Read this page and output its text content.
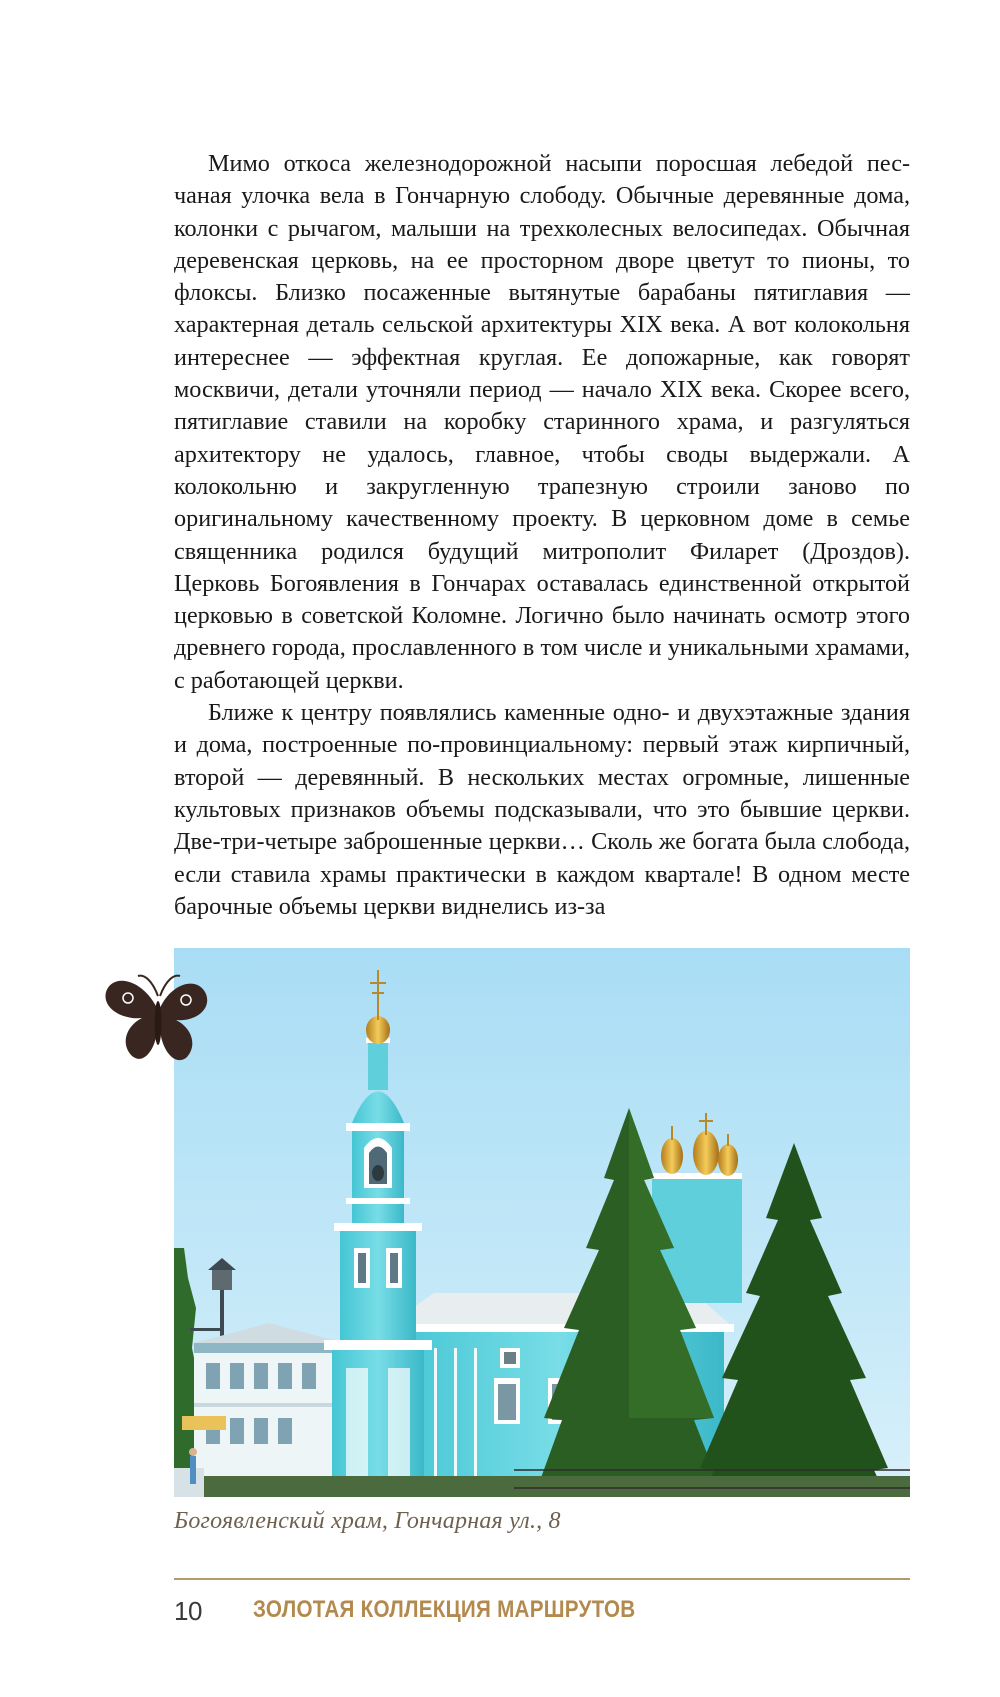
Мимо откоса железнодорожной насыпи поросшая лебедой песчаная улочка вела в Гончарную слободу. Обычные деревянные дома, колонки с рычагом, малыши на трехколесных велосипедах. Обычная деревенская церковь, на ее просторном дворе цветут то пионы, то флоксы. Близко посаженные вытянутые барабаны пятиглавия — характерная деталь сельской архитектуры XIX века. А вот колокольня интереснее — эффектная круглая. Ее допожарные, как говорят москвичи, детали уточняли период — начало XIX века. Скорее всего, пятиглавие ставили на коробку старинного храма, и разгуляться архитектору не удалось, главное, чтобы своды выдержали. А колокольню и закругленную трапезную строили заново по оригинальному качественному проекту. В церковном доме в семье священника родился будущий митрополит Филарет (Дроздов). Церковь Богоявления в Гончарах оставалась единственной открытой церковью в советской Коломне. Логично было начинать осмотр этого древнего города, прославленного в том числе и уникальными храмами, с работающей церкви.

Ближе к центру появлялись каменные одно- и двухэтажные здания и дома, построенные по-провинциальному: первый этаж кирпичный, второй — деревянный. В нескольких местах огромные, лишенные культовых признаков объемы подсказывали, что это бывшие церкви. Две-три-четыре заброшенные церкви… Сколь же богата была слобода, если ставила храмы практически в каждом квартале! В одном месте барочные объемы церкви виднелись из-за

Богоявленский храм, Гончарная ул., 8
10 ЗОЛОТАЯ КОЛЛЕКЦИЯ МАРШРУТОВ
